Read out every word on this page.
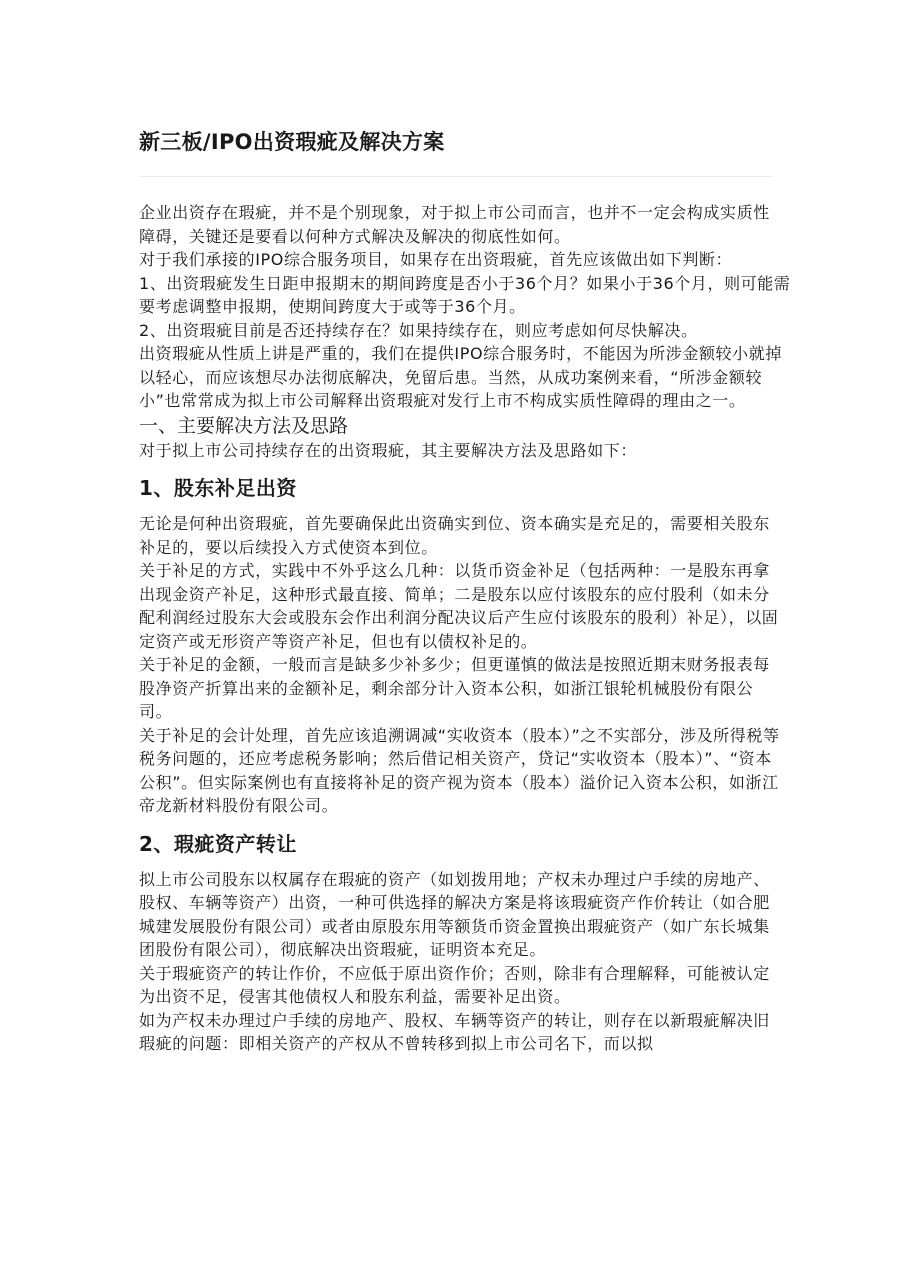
新三板/IPO出资瑕疵及解决方案

企业出资存在瑕疵，并不是个别现象，对于拟上市公司而言，也并不一定会构成实质性障碍，关键还是要看以何种方式解决及解决的彻底性如何。

对于我们承接的IPO综合服务项目，如果存在出资瑕疵，首先应该做出如下判断：

1、出资瑕疵发生日距申报期末的期间跨度是否小于36个月？如果小于36个月，则可能需要考虑调整申报期，使期间跨度大于或等于36个月。

2、出资瑕疵目前是否还持续存在？如果持续存在，则应考虑如何尽快解决。

出资瑕疵从性质上讲是严重的，我们在提供IPO综合服务时，不能因为所涉金额较小就掉以轻心，而应该想尽办法彻底解决，免留后患。当然，从成功案例来看，“所涉金额较小”也常常成为拟上市公司解释出资瑕疵对发行上市不构成实质性障碍的理由之一。

一、主要解决方法及思路

对于拟上市公司持续存在的出资瑕疵，其主要解决方法及思路如下：

1、股东补足出资

无论是何种出资瑕疵，首先要确保此出资确实到位、资本确实是充足的，需要相关股东补足的，要以后续投入方式使资本到位。

关于补足的方式，实践中不外乎这么几种：以货币资金补足（包括两种：一是股东再拿出现金资产补足，这种形式最直接、简单；二是股东以应付该股东的应付股利（如未分配利润经过股东大会或股东会作出利润分配决议后产生应付该股东的股利）补足），以固定资产或无形资产等资产补足，但也有以债权补足的。

关于补足的金额，一般而言是缺多少补多少；但更谨慎的做法是按照近期末财务报表每股净资产折算出来的金额补足，剩余部分计入资本公积，如浙江银轮机械股份有限公司。

关于补足的会计处理，首先应该追溯调减“实收资本（股本）”之不实部分，涉及所得税等税务问题的，还应考虑税务影响；然后借记相关资产，贷记“实收资本（股本）”、“资本公积”。但实际案例也有直接将补足的资产视为资本（股本）溢价记入资本公积，如浙江帝龙新材料股份有限公司。

2、瑕疵资产转让

拟上市公司股东以权属存在瑕疵的资产（如划拨用地；产权未办理过户手续的房地产、股权、车辆等资产）出资，一种可供选择的解决方案是将该瑕疵资产作价转让（如合肥城建发展股份有限公司）或者由原股东用等额货币资金置换出瑕疵资产（如广东长城集团股份有限公司），彻底解决出资瑕疵，证明资本充足。

关于瑕疵资产的转让作价，不应低于原出资作价；否则，除非有合理解释，可能被认定为出资不足，侵害其他债权人和股东利益，需要补足出资。

如为产权未办理过户手续的房地产、股权、车辆等资产的转让，则存在以新瑕疵解决旧瑕疵的问题：即相关资产的产权从不曾转移到拟上市公司名下，而以拟
